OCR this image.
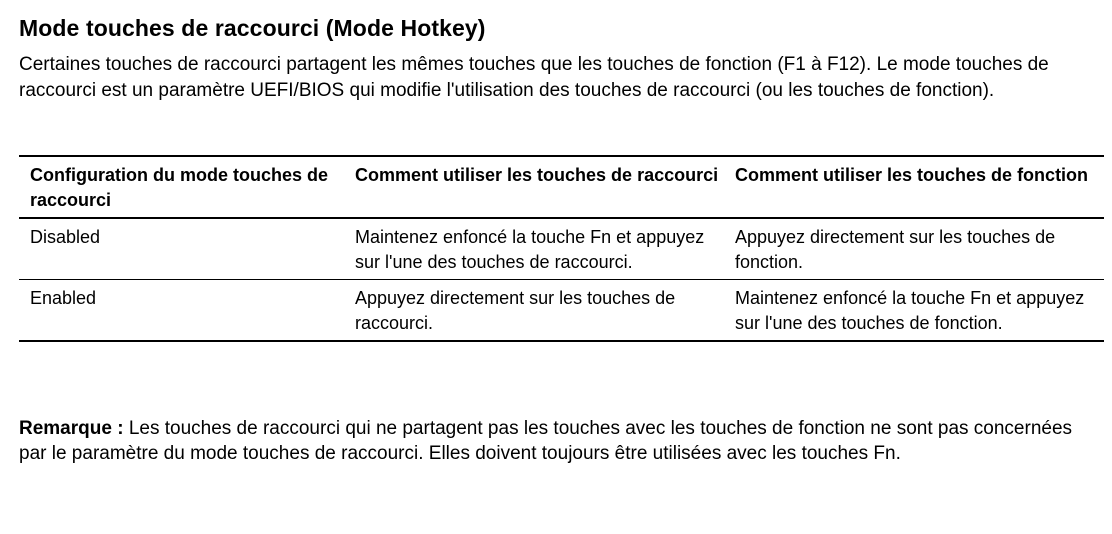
Mode touches de raccourci (Mode Hotkey)

Certaines touches de raccourci partagent les mêmes touches que les touches de fonction (F1 à F12). Le mode touches de raccourci est un paramètre UEFI/BIOS qui modifie l'utilisation des touches de raccourci (ou les touches de fonction).

Configuration du mode touches de raccourci	Comment utiliser les touches de raccourci	Comment utiliser les touches de fonction
Disabled	Maintenez enfoncé la touche Fn et appuyez sur l'une des touches de raccourci.	Appuyez directement sur les touches de fonction.
Enabled	Appuyez directement sur les touches de raccourci.	Maintenez enfoncé la touche Fn et appuyez sur l'une des touches de fonction.

Remarque : Les touches de raccourci qui ne partagent pas les touches avec les touches de fonction ne sont pas concernées par le paramètre du mode touches de raccourci. Elles doivent toujours être utilisées avec les touches Fn.
